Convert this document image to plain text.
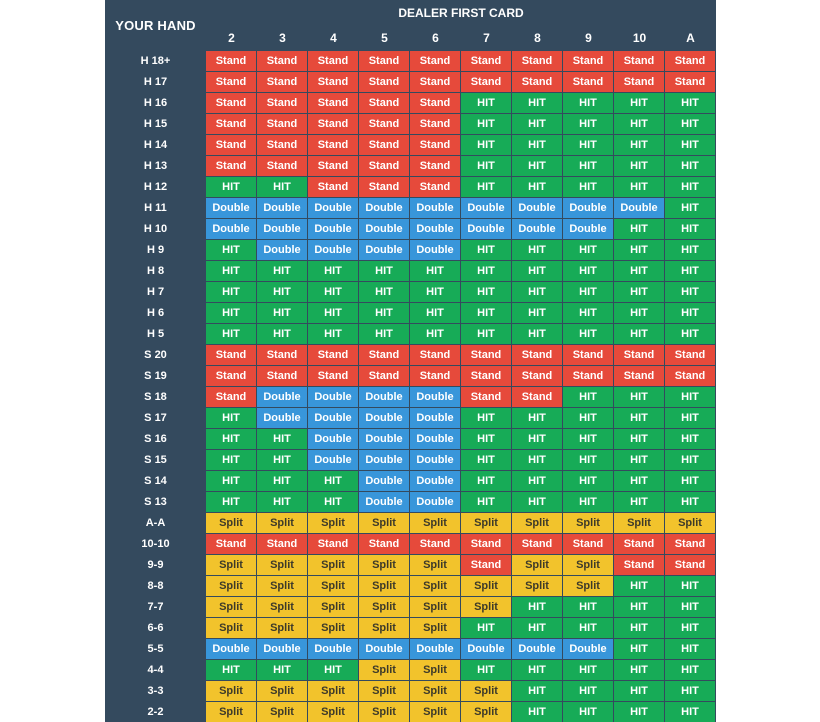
YOUR HAND
DEALER FIRST CARD
2	3	4	5	6	7	8	9	10	A
H 18+	Stand	Stand	Stand	Stand	Stand	Stand	Stand	Stand	Stand	Stand
H 17	Stand	Stand	Stand	Stand	Stand	Stand	Stand	Stand	Stand	Stand
H 16	Stand	Stand	Stand	Stand	Stand	HIT	HIT	HIT	HIT	HIT
H 15	Stand	Stand	Stand	Stand	Stand	HIT	HIT	HIT	HIT	HIT
H 14	Stand	Stand	Stand	Stand	Stand	HIT	HIT	HIT	HIT	HIT
H 13	Stand	Stand	Stand	Stand	Stand	HIT	HIT	HIT	HIT	HIT
H 12	HIT	HIT	Stand	Stand	Stand	HIT	HIT	HIT	HIT	HIT
H 11	Double	Double	Double	Double	Double	Double	Double	Double	Double	HIT
H 10	Double	Double	Double	Double	Double	Double	Double	Double	HIT	HIT
H 9	HIT	Double	Double	Double	Double	HIT	HIT	HIT	HIT	HIT
H 8	HIT	HIT	HIT	HIT	HIT	HIT	HIT	HIT	HIT	HIT
H 7	HIT	HIT	HIT	HIT	HIT	HIT	HIT	HIT	HIT	HIT
H 6	HIT	HIT	HIT	HIT	HIT	HIT	HIT	HIT	HIT	HIT
H 5	HIT	HIT	HIT	HIT	HIT	HIT	HIT	HIT	HIT	HIT
S 20	Stand	Stand	Stand	Stand	Stand	Stand	Stand	Stand	Stand	Stand
S 19	Stand	Stand	Stand	Stand	Stand	Stand	Stand	Stand	Stand	Stand
S 18	Stand	Double	Double	Double	Double	Stand	Stand	HIT	HIT	HIT
S 17	HIT	Double	Double	Double	Double	HIT	HIT	HIT	HIT	HIT
S 16	HIT	HIT	Double	Double	Double	HIT	HIT	HIT	HIT	HIT
S 15	HIT	HIT	Double	Double	Double	HIT	HIT	HIT	HIT	HIT
S 14	HIT	HIT	HIT	Double	Double	HIT	HIT	HIT	HIT	HIT
S 13	HIT	HIT	HIT	Double	Double	HIT	HIT	HIT	HIT	HIT
A-A	Split	Split	Split	Split	Split	Split	Split	Split	Split	Split
10-10	Stand	Stand	Stand	Stand	Stand	Stand	Stand	Stand	Stand	Stand
9-9	Split	Split	Split	Split	Split	Stand	Split	Split	Stand	Stand
8-8	Split	Split	Split	Split	Split	Split	Split	Split	HIT	HIT
7-7	Split	Split	Split	Split	Split	Split	HIT	HIT	HIT	HIT
6-6	Split	Split	Split	Split	Split	HIT	HIT	HIT	HIT	HIT
5-5	Double	Double	Double	Double	Double	Double	Double	Double	HIT	HIT
4-4	HIT	HIT	HIT	Split	Split	HIT	HIT	HIT	HIT	HIT
3-3	Split	Split	Split	Split	Split	Split	HIT	HIT	HIT	HIT
2-2	Split	Split	Split	Split	Split	Split	HIT	HIT	HIT	HIT
